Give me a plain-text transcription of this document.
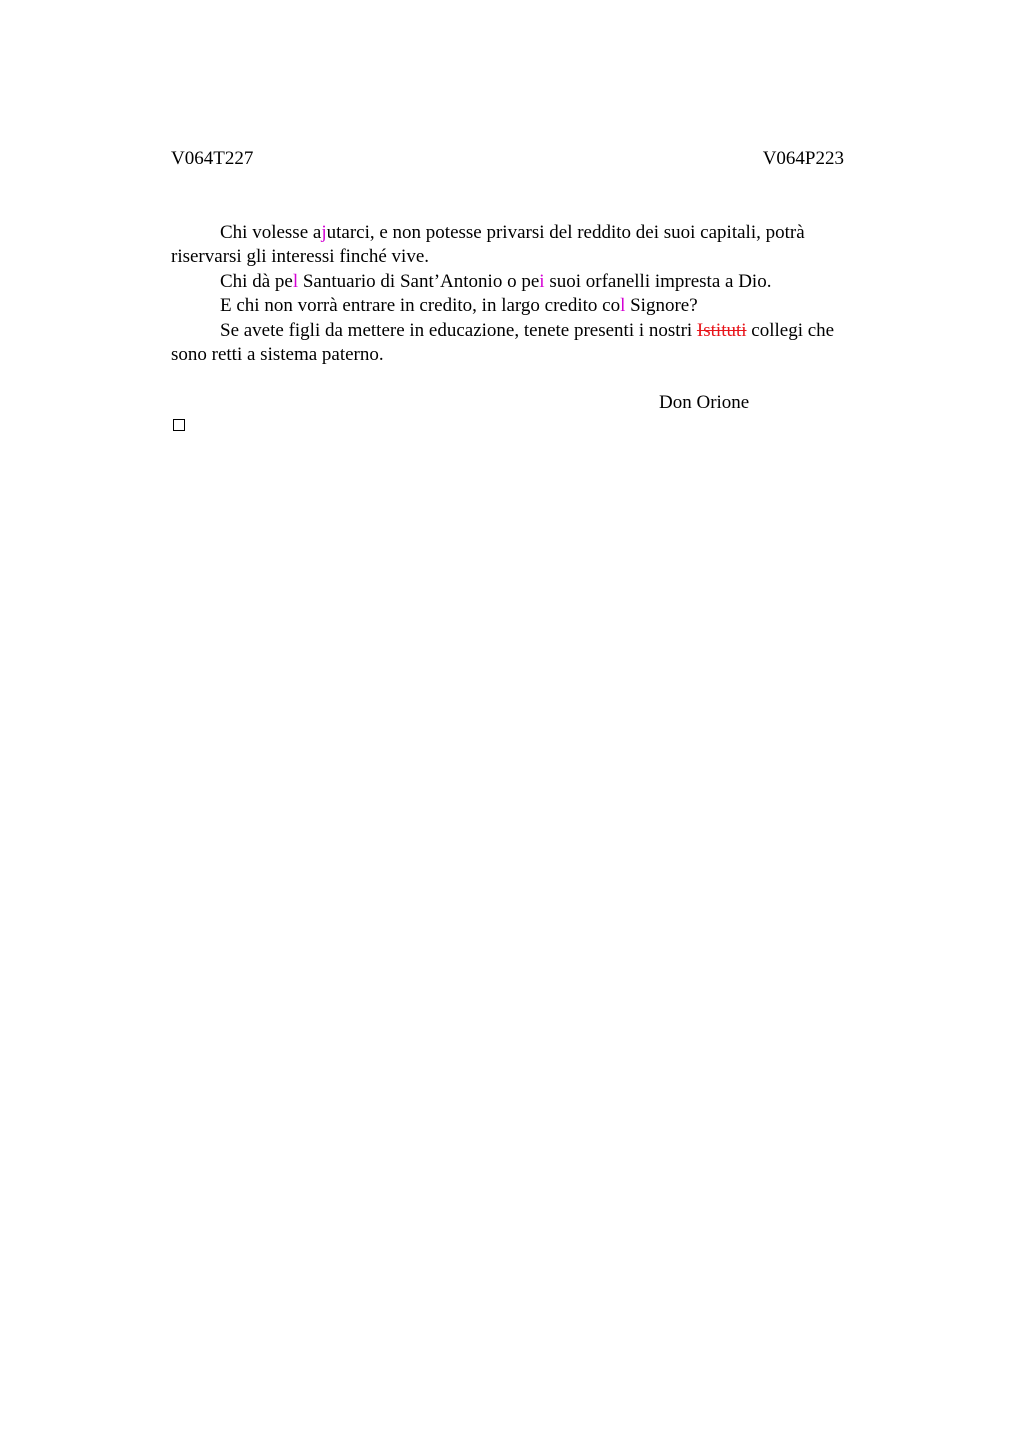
V064T227	V064P223

Chi volesse ajutarci, e non potesse privarsi del reddito dei suoi capitali, potrà riservarsi gli interessi finché vive.

Chi dà pel Santuario di Sant’Antonio o pei suoi orfanelli impresta a Dio.

E chi non vorrà entrare in credito, in largo credito col Signore?

Se avete figli da mettere in educazione, tenete presenti i nostri Istituti collegi che sono retti a sistema paterno.

Don Orione
